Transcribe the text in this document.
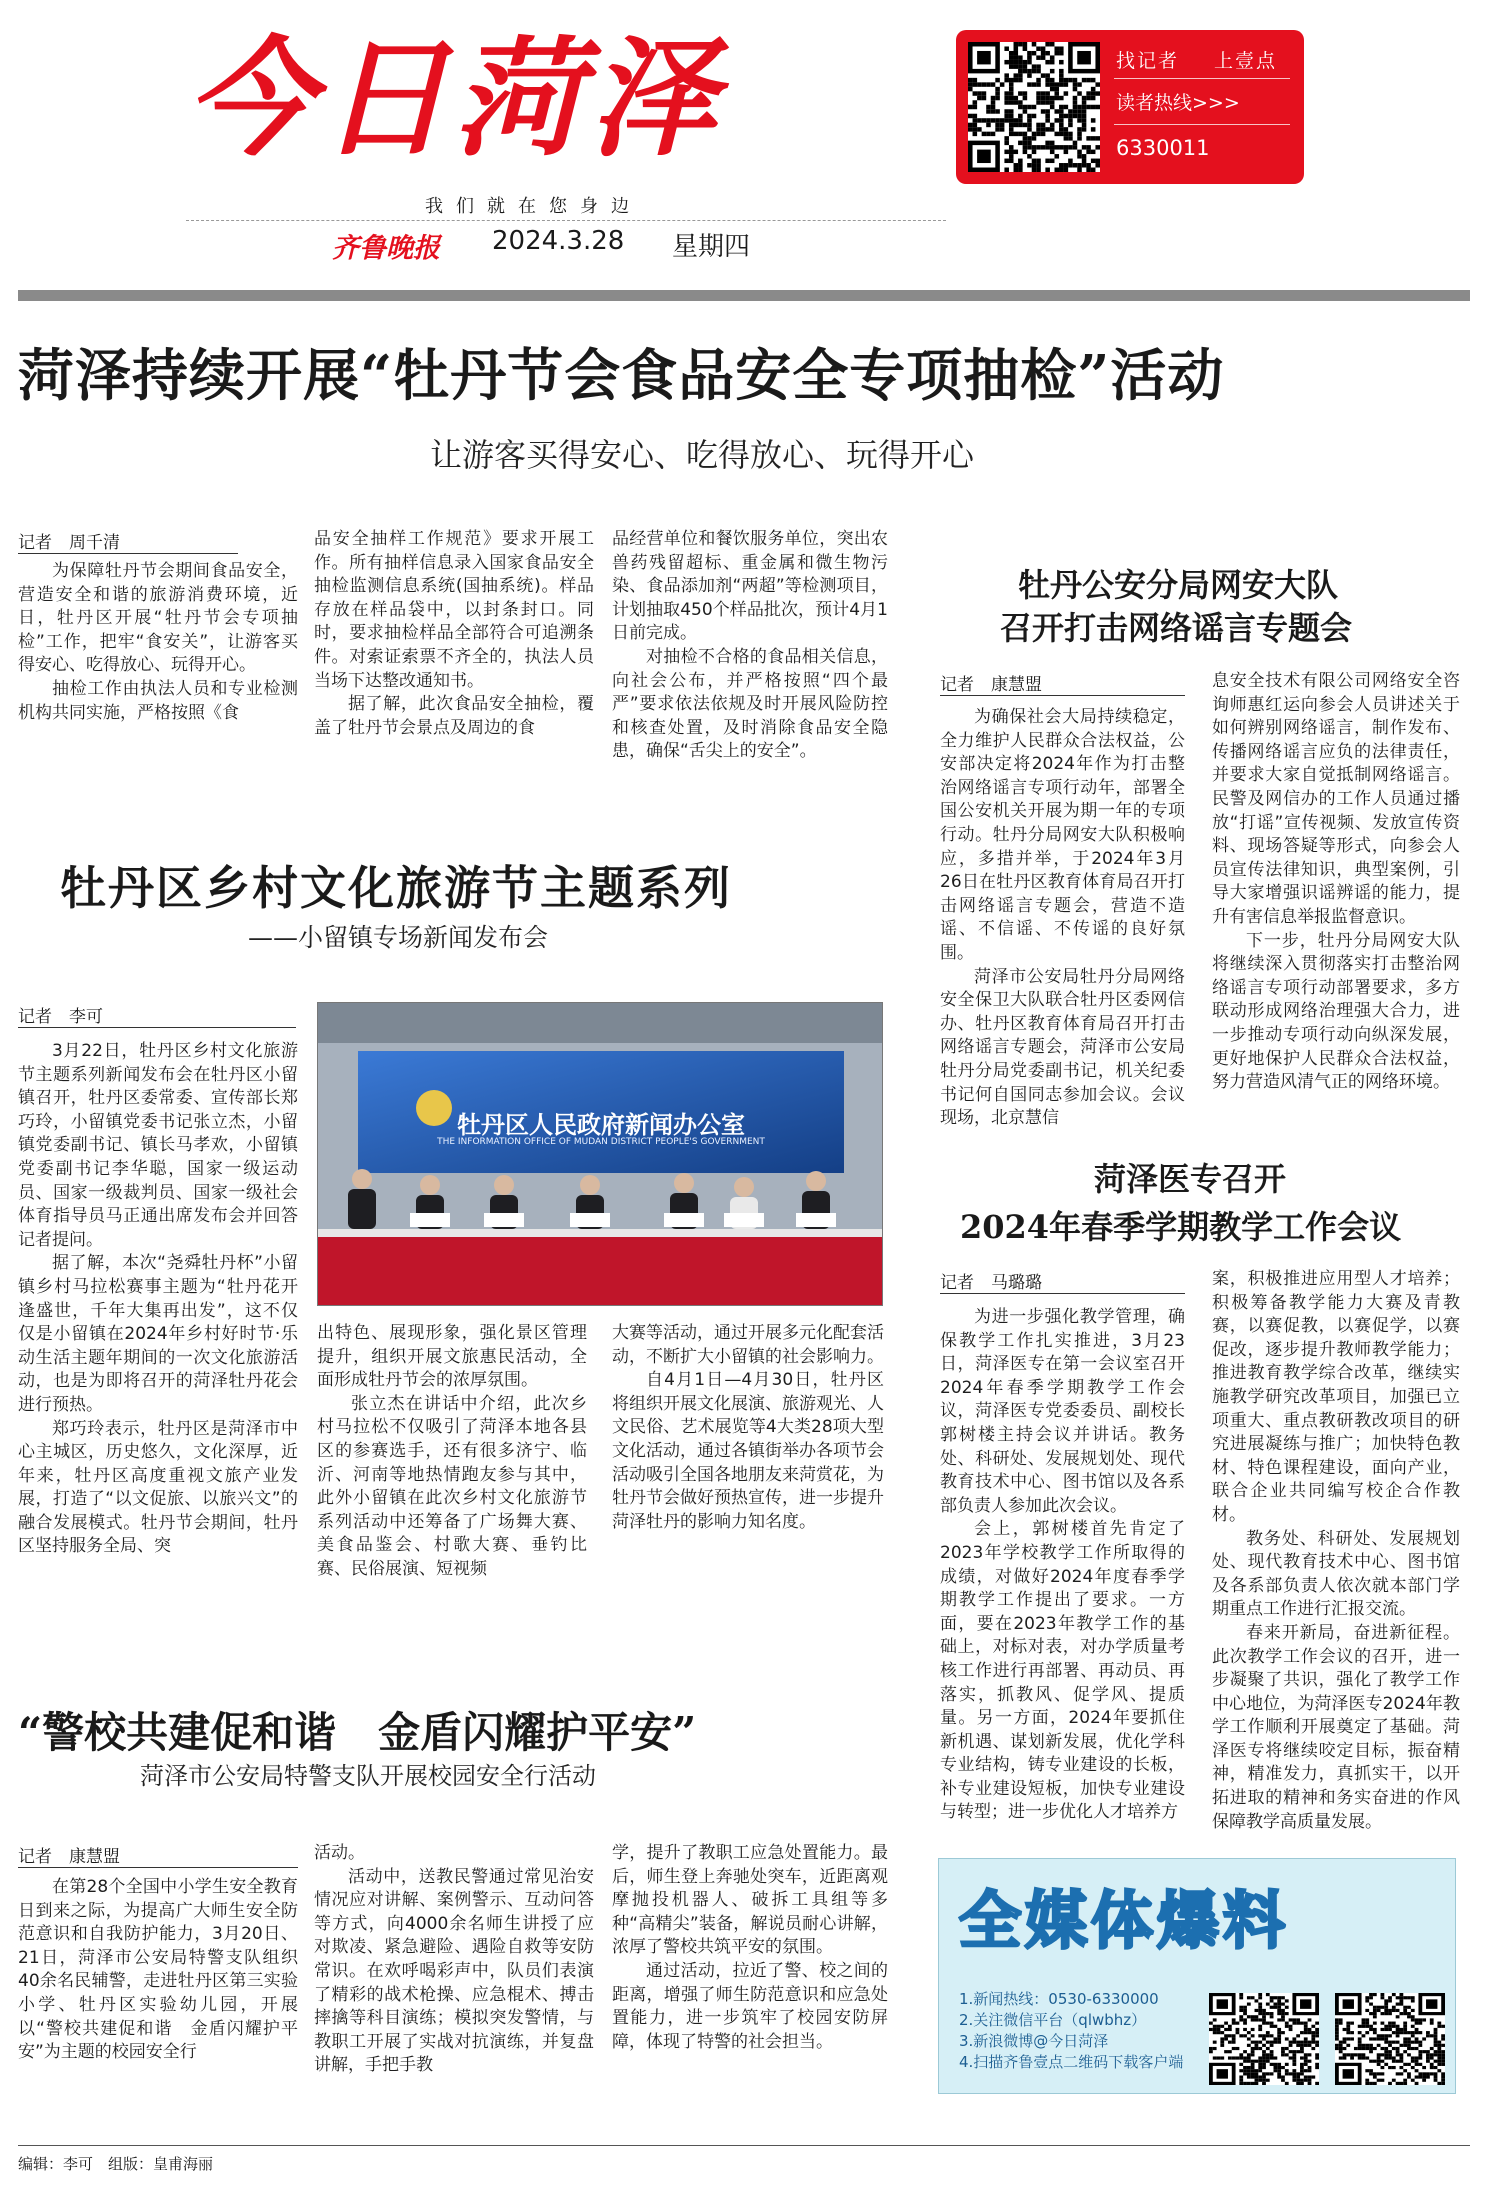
今日菏泽
我们就在您身边
齐鲁晚报 2024.3.28 星期四
找记者 上壹点
读者热线>>>
6330011
菏泽持续开展“牡丹节会食品安全专项抽检”活动
让游客买得安心、吃得放心、玩得开心
记者　周千清

为保障牡丹节会期间食品安全，营造安全和谐的旅游消费环境，近日，牡丹区开展“牡丹节会专项抽检”工作，把牢“食安关”，让游客买得安心、吃得放心、玩得开心。

抽检工作由执法人员和专业检测机构共同实施，严格按照《食

品安全抽样工作规范》要求开展工作。所有抽样信息录入国家食品安全抽检监测信息系统(国抽系统)。样品存放在样品袋中，以封条封口。同时，要求抽检样品全部符合可追溯条件。对索证索票不齐全的，执法人员当场下达整改通知书。

据了解，此次食品安全抽检，覆盖了牡丹节会景点及周边的食

品经营单位和餐饮服务单位，突出农兽药残留超标、重金属和微生物污染、食品添加剂“两超”等检测项目，计划抽取450个样品批次，预计4月1日前完成。

对抽检不合格的食品相关信息，向社会公布，并严格按照“四个最严”要求依法依规及时开展风险防控和核查处置，及时消除食品安全隐患，确保“舌尖上的安全”。

牡丹公安分局网安大队
召开打击网络谣言专题会
记者　康慧盟

为确保社会大局持续稳定，全力维护人民群众合法权益，公安部决定将2024年作为打击整治网络谣言专项行动年，部署全国公安机关开展为期一年的专项行动。牡丹分局网安大队积极响应，多措并举，于2024年3月26日在牡丹区教育体育局召开打击网络谣言专题会，营造不造谣、不信谣、不传谣的良好氛围。

菏泽市公安局牡丹分局网络安全保卫大队联合牡丹区委网信办、牡丹区教育体育局召开打击网络谣言专题会，菏泽市公安局牡丹分局党委副书记，机关纪委书记何自国同志参加会议。会议现场，北京慧信

息安全技术有限公司网络安全咨询师惠红运向参会人员讲述关于如何辨别网络谣言，制作发布、传播网络谣言应负的法律责任，并要求大家自觉抵制网络谣言。民警及网信办的工作人员通过播放“打谣”宣传视频、发放宣传资料、现场答疑等形式，向参会人员宣传法律知识，典型案例，引导大家增强识谣辨谣的能力，提升有害信息举报监督意识。

下一步，牡丹分局网安大队将继续深入贯彻落实打击整治网络谣言专项行动部署要求，多方联动形成网络治理强大合力，进一步推动专项行动向纵深发展，更好地保护人民群众合法权益，努力营造风清气正的网络环境。

牡丹区乡村文化旅游节主题系列
——小留镇专场新闻发布会
记者　李可

3月22日，牡丹区乡村文化旅游节主题系列新闻发布会在牡丹区小留镇召开，牡丹区委常委、宣传部长郑巧玲，小留镇党委书记张立杰，小留镇党委副书记、镇长马孝欢，小留镇党委副书记李华聪，国家一级运动员、国家一级裁判员、国家一级社会体育指导员马正通出席发布会并回答记者提问。

据了解，本次“尧舜牡丹杯”小留镇乡村马拉松赛事主题为“牡丹花开逢盛世，千年大集再出发”，这不仅仅是小留镇在2024年乡村好时节·乐动生活主题年期间的一次文化旅游活动，也是为即将召开的菏泽牡丹花会进行预热。

郑巧玲表示，牡丹区是菏泽市中心主城区，历史悠久，文化深厚，近年来，牡丹区高度重视文旅产业发展，打造了“以文促旅、以旅兴文”的融合发展模式。牡丹节会期间，牡丹区坚持服务全局、突

牡丹区人民政府新闻办公室
THE INFORMATION OFFICE OF MUDAN DISTRICT PEOPLE'S GOVERNMENT

出特色、展现形象，强化景区管理提升，组织开展文旅惠民活动，全面形成牡丹节会的浓厚氛围。

张立杰在讲话中介绍，此次乡村马拉松不仅吸引了菏泽本地各县区的参赛选手，还有很多济宁、临沂、河南等地热情跑友参与其中，此外小留镇在此次乡村文化旅游节系列活动中还筹备了广场舞大赛、美食品鉴会、村歌大赛、垂钓比赛、民俗展演、短视频

大赛等活动，通过开展多元化配套活动，不断扩大小留镇的社会影响力。

自4月1日—4月30日，牡丹区将组织开展文化展演、旅游观光、人文民俗、艺术展览等4大类28项大型文化活动，通过各镇街举办各项节会活动吸引全国各地朋友来菏赏花，为牡丹节会做好预热宣传，进一步提升菏泽牡丹的影响力知名度。

菏泽医专召开
2024年春季学期教学工作会议
记者　马璐璐

为进一步强化教学管理，确保教学工作扎实推进，3月23日，菏泽医专在第一会议室召开2024年春季学期教学工作会议，菏泽医专党委委员、副校长郭树楼主持会议并讲话。教务处、科研处、发展规划处、现代教育技术中心、图书馆以及各系部负责人参加此次会议。

会上，郭树楼首先肯定了2023年学校教学工作所取得的成绩，对做好2024年度春季学期教学工作提出了要求。一方面，要在2023年教学工作的基础上，对标对表，对办学质量考核工作进行再部署、再动员、再落实，抓教风、促学风、提质量。另一方面，2024年要抓住新机遇、谋划新发展，优化学科专业结构，铸专业建设的长板，补专业建设短板，加快专业建设与转型；进一步优化人才培养方

案，积极推进应用型人才培养；积极筹备教学能力大赛及青教赛，以赛促教，以赛促学，以赛促改，逐步提升教师教学能力；推进教育教学综合改革，继续实施教学研究改革项目，加强已立项重大、重点教研教改项目的研究进展凝练与推广；加快特色教材、特色课程建设，面向产业，联合企业共同编写校企合作教材。

教务处、科研处、发展规划处、现代教育技术中心、图书馆及各系部负责人依次就本部门学期重点工作进行汇报交流。

春来开新局，奋进新征程。此次教学工作会议的召开，进一步凝聚了共识，强化了教学工作中心地位，为菏泽医专2024年教学工作顺利开展奠定了基础。菏泽医专将继续咬定目标，振奋精神，精准发力，真抓实干，以开拓进取的精神和务实奋进的作风保障教学高质量发展。

“警校共建促和谐　金盾闪耀护平安”
菏泽市公安局特警支队开展校园安全行活动
记者　康慧盟

在第28个全国中小学生安全教育日到来之际，为提高广大师生安全防范意识和自我防护能力，3月20日、21日，菏泽市公安局特警支队组织40余名民辅警，走进牡丹区第三实验小学、牡丹区实验幼儿园，开展以“警校共建促和谐　金盾闪耀护平安”为主题的校园安全行

活动。

活动中，送教民警通过常见治安情况应对讲解、案例警示、互动问答等方式，向4000余名师生讲授了应对欺凌、紧急避险、遇险自救等安防常识。在欢呼喝彩声中，队员们表演了精彩的战术枪操、应急棍术、搏击摔擒等科目演练；模拟突发警情，与教职工开展了实战对抗演练，并复盘讲解，手把手教

学，提升了教职工应急处置能力。最后，师生登上奔驰处突车，近距离观摩抛投机器人、破拆工具组等多种“高精尖”装备，解说员耐心讲解，浓厚了警校共筑平安的氛围。

通过活动，拉近了警、校之间的距离，增强了师生防范意识和应急处置能力，进一步筑牢了校园安防屏障，体现了特警的社会担当。

全媒体爆料
1.新闻热线：0530-6330000
2.关注微信平台（qlwbhz）
3.新浪微博@今日菏泽
4.扫描齐鲁壹点二维码下载客户端
编辑：李可　组版：皇甫海丽
